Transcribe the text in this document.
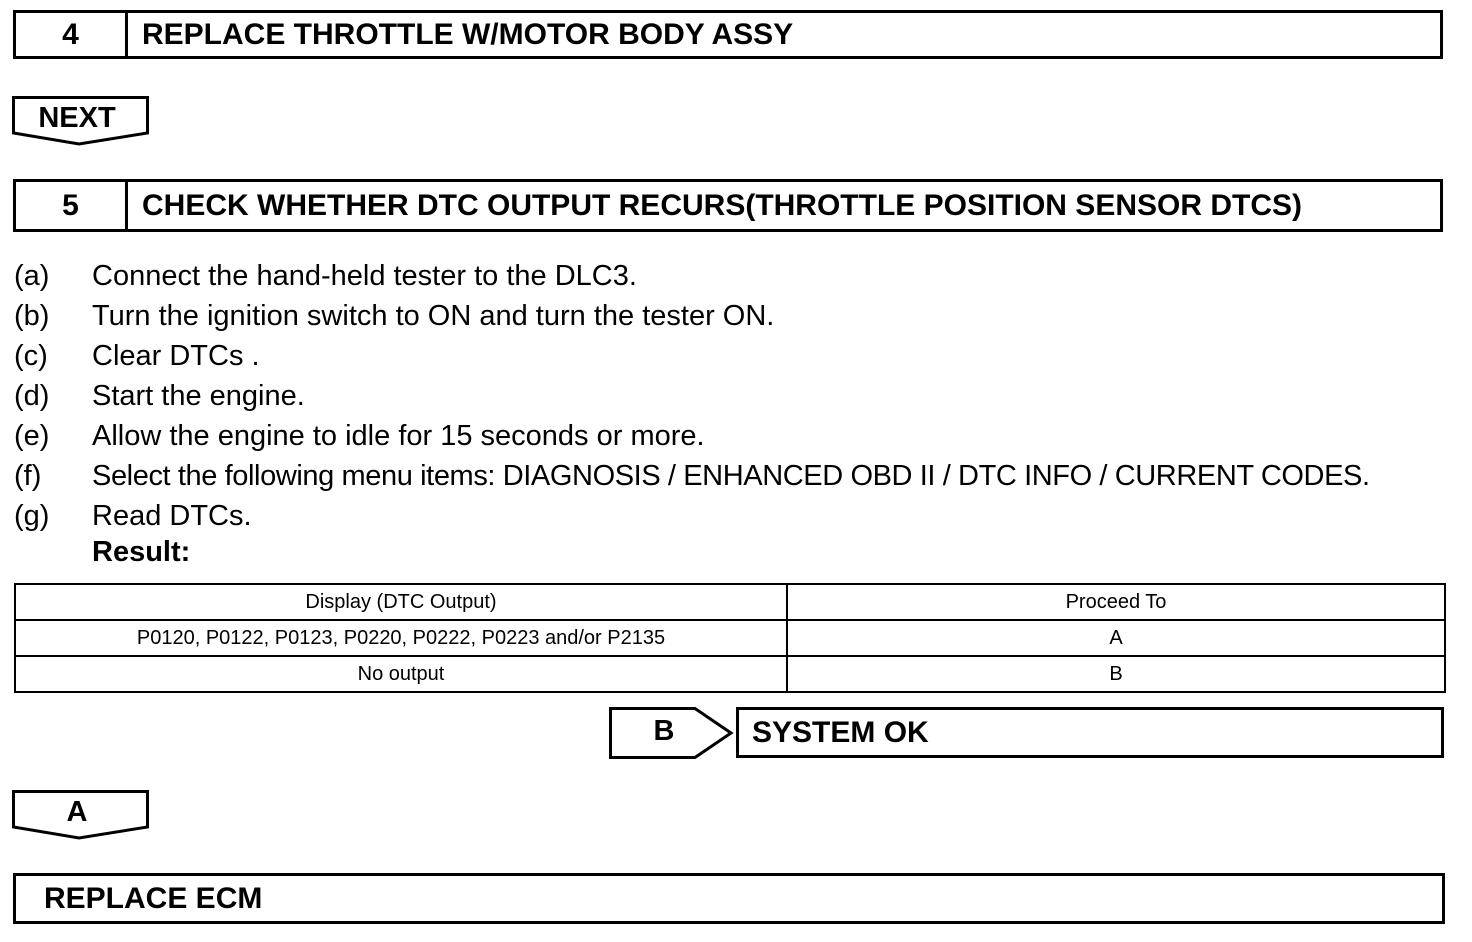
4	REPLACE THROTTLE W/MOTOR BODY ASSY
NEXT
5	CHECK WHETHER DTC OUTPUT RECURS(THROTTLE POSITION SENSOR DTCS)
(a)	Connect the hand-held tester to the DLC3.
(b)	Turn the ignition switch to ON and turn the tester ON.
(c)	Clear DTCs .
(d)	Start the engine.
(e)	Allow the engine to idle for 15 seconds or more.
(f)	Select the following menu items: DIAGNOSIS / ENHANCED OBD II / DTC INFO / CURRENT CODES.
(g)	Read DTCs.
Result:
Display (DTC Output)	Proceed To
P0120, P0122, P0123, P0220, P0222, P0223 and/or P2135	A
No output	B
B	SYSTEM OK
A
REPLACE ECM
